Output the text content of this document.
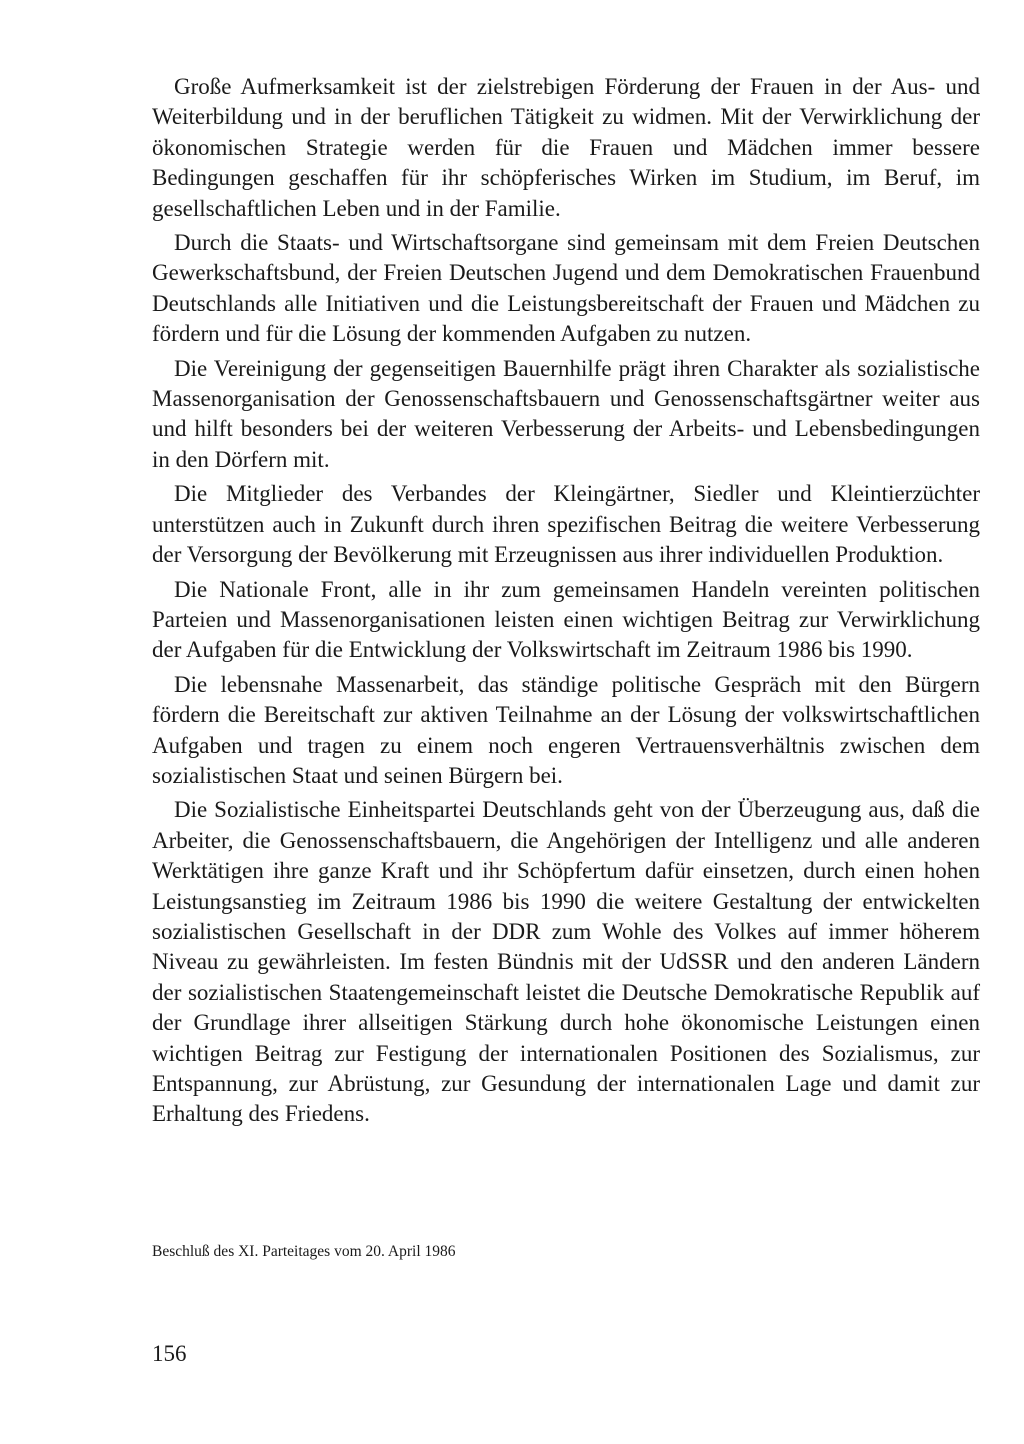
Große Aufmerksamkeit ist der zielstrebigen Förderung der Frauen in der Aus- und Weiterbildung und in der beruflichen Tätigkeit zu widmen. Mit der Verwirklichung der ökonomischen Strategie werden für die Frauen und Mädchen immer bessere Bedingungen geschaffen für ihr schöpferisches Wirken im Studium, im Beruf, im gesellschaftlichen Leben und in der Familie.

Durch die Staats- und Wirtschaftsorgane sind gemeinsam mit dem Freien Deutschen Gewerkschaftsbund, der Freien Deutschen Jugend und dem Demokratischen Frauenbund Deutschlands alle Initiativen und die Leistungsbereitschaft der Frauen und Mädchen zu fördern und für die Lösung der kommenden Aufgaben zu nutzen.

Die Vereinigung der gegenseitigen Bauernhilfe prägt ihren Charakter als sozialistische Massenorganisation der Genossenschaftsbauern und Genossenschaftsgärtner weiter aus und hilft besonders bei der weiteren Verbesserung der Arbeits- und Lebensbedingungen in den Dörfern mit.

Die Mitglieder des Verbandes der Kleingärtner, Siedler und Kleintierzüchter unterstützen auch in Zukunft durch ihren spezifischen Beitrag die weitere Verbesserung der Versorgung der Bevölkerung mit Erzeugnissen aus ihrer individuellen Produktion.

Die Nationale Front, alle in ihr zum gemeinsamen Handeln vereinten politischen Parteien und Massenorganisationen leisten einen wichtigen Beitrag zur Verwirklichung der Aufgaben für die Entwicklung der Volkswirtschaft im Zeitraum 1986 bis 1990.

Die lebensnahe Massenarbeit, das ständige politische Gespräch mit den Bürgern fördern die Bereitschaft zur aktiven Teilnahme an der Lösung der volkswirtschaftlichen Aufgaben und tragen zu einem noch engeren Vertrauensverhältnis zwischen dem sozialistischen Staat und seinen Bürgern bei.

Die Sozialistische Einheitspartei Deutschlands geht von der Überzeugung aus, daß die Arbeiter, die Genossenschaftsbauern, die Angehörigen der Intelligenz und alle anderen Werktätigen ihre ganze Kraft und ihr Schöpfertum dafür einsetzen, durch einen hohen Leistungsanstieg im Zeitraum 1986 bis 1990 die weitere Gestaltung der entwickelten sozialistischen Gesellschaft in der DDR zum Wohle des Volkes auf immer höherem Niveau zu gewährleisten. Im festen Bündnis mit der UdSSR und den anderen Ländern der sozialistischen Staatengemeinschaft leistet die Deutsche Demokratische Republik auf der Grundlage ihrer allseitigen Stärkung durch hohe ökonomische Leistungen einen wichtigen Beitrag zur Festigung der internationalen Positionen des Sozialismus, zur Entspannung, zur Abrüstung, zur Gesundung der internationalen Lage und damit zur Erhaltung des Friedens.

Beschluß des XI. Parteitages vom 20. April 1986
156
